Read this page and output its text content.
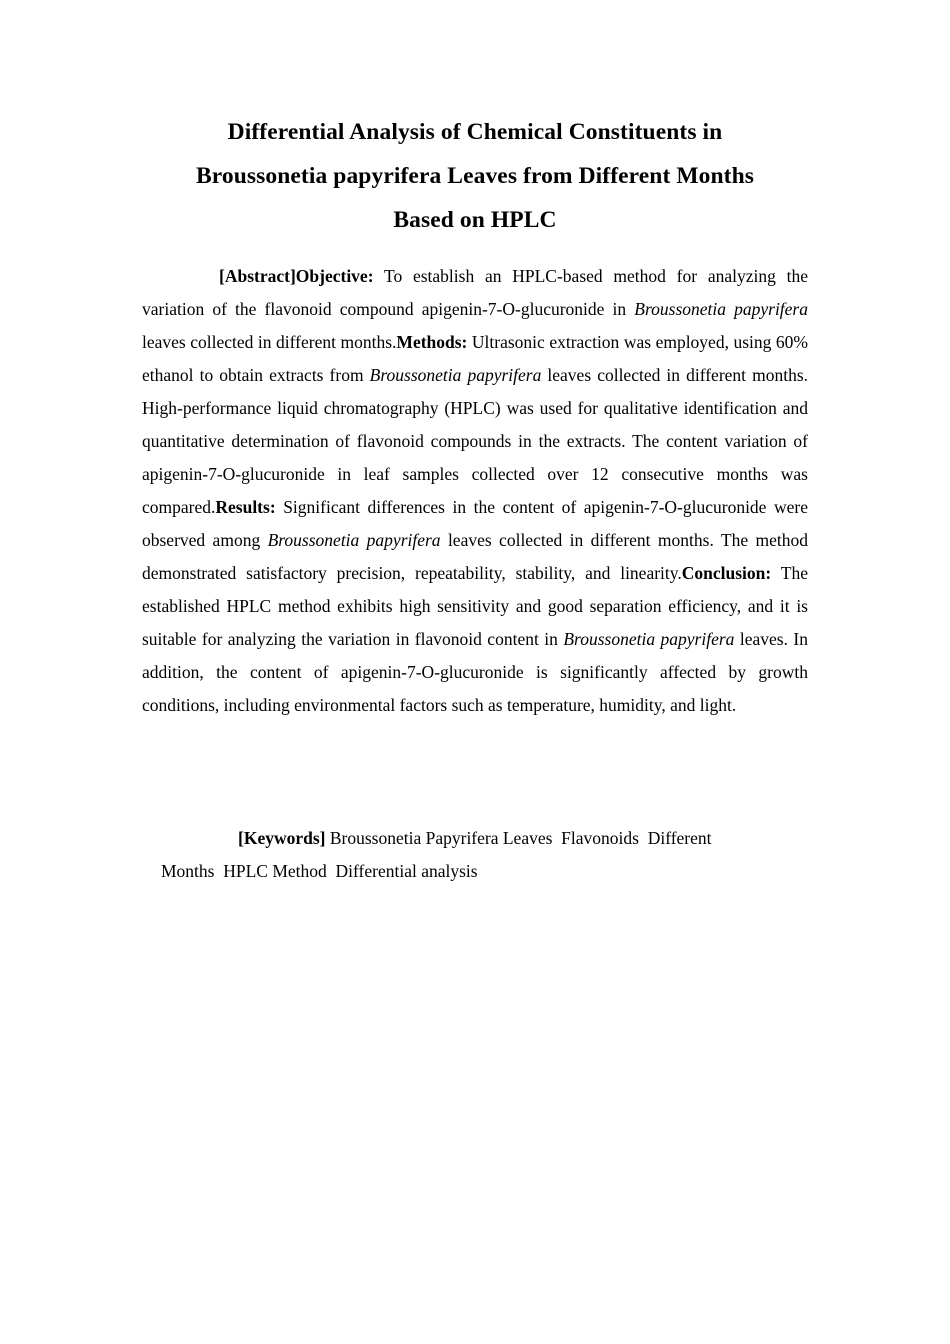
Differential Analysis of Chemical Constituents in
Broussonetia papyrifera Leaves from Different Months
Based on HPLC
[Abstract]Objective: To establish an HPLC-based method for analyzing the variation of the flavonoid compound apigenin-7-O-glucuronide in Broussonetia papyrifera leaves collected in different months.Methods: Ultrasonic extraction was employed, using 60% ethanol to obtain extracts from Broussonetia papyrifera leaves collected in different months. High-performance liquid chromatography (HPLC) was used for qualitative identification and quantitative determination of flavonoid compounds in the extracts. The content variation of apigenin-7-O-glucuronide in leaf samples collected over 12 consecutive months was compared.Results: Significant differences in the content of apigenin-7-O-glucuronide were observed among Broussonetia papyrifera leaves collected in different months. The method demonstrated satisfactory precision, repeatability, stability, and linearity.Conclusion: The established HPLC method exhibits high sensitivity and good separation efficiency, and it is suitable for analyzing the variation in flavonoid content in Broussonetia papyrifera leaves. In addition, the content of apigenin-7-O-glucuronide is significantly affected by growth conditions, including environmental factors such as temperature, humidity, and light.
[Keywords] Broussonetia Papyrifera Leaves  Flavonoids  Different Months  HPLC Method  Differential analysis
